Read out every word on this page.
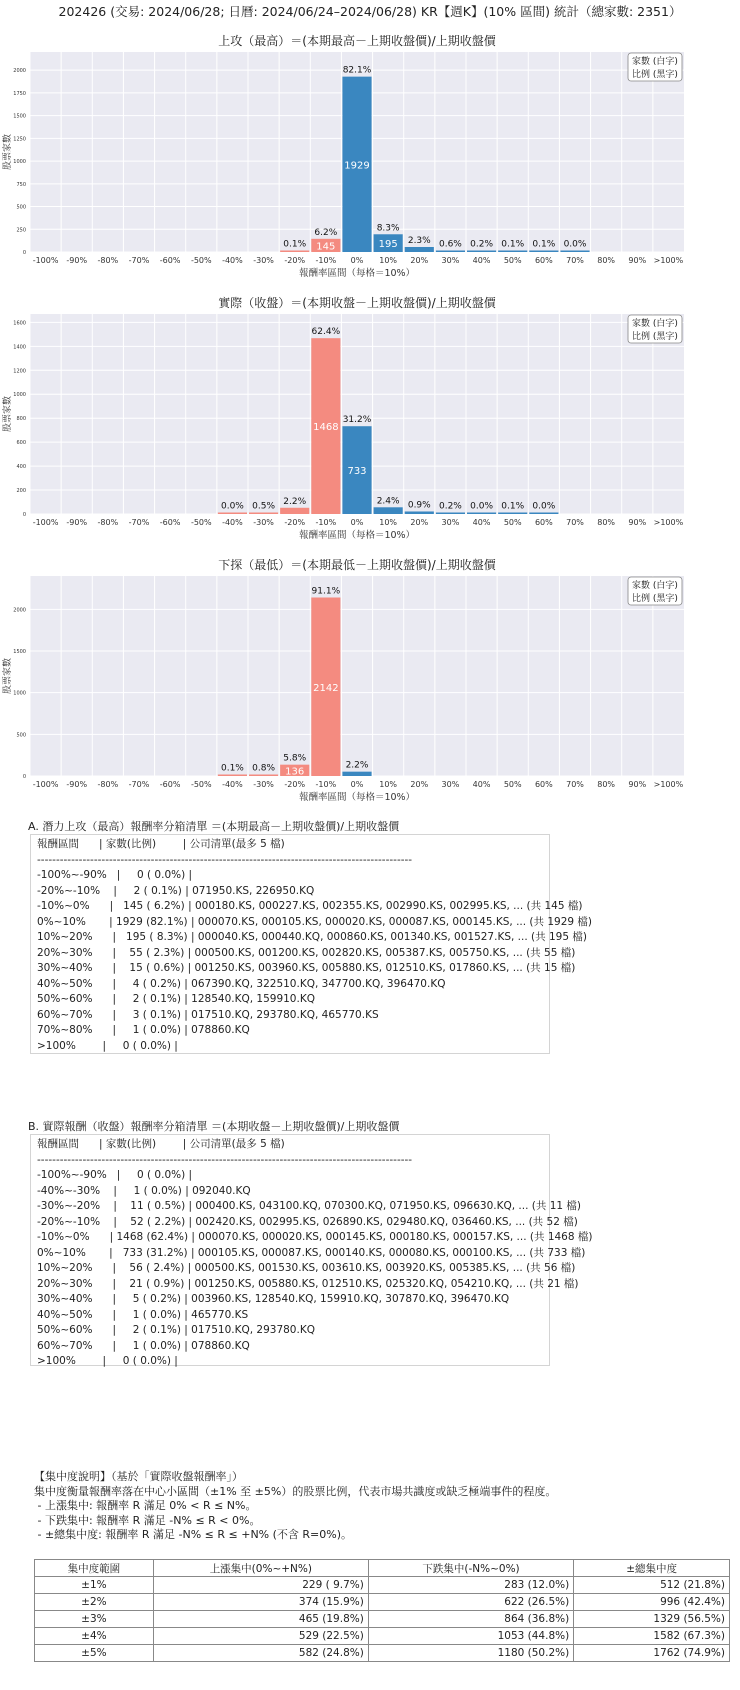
202426 (交易: 2024/06/28; 日曆: 2024/06/24–2024/06/28) KR【週K】(10% 區間) 統計（總家數: 2351）
上攻（最高）＝(本期最高－上期收盤價)/上期收盤價
0
250
500
750
1000
1250
1500
1750
2000
-100% -90% -80% -70% -60% -50% -40% -30% -20% -10% 0% 10% 20% 30% 40% 50% 60% 70% 80% 90% >100%
0.1% 145
6.2%
1929
82.1%
195
8.3%
2.3% 0.6% 0.2% 0.1% 0.1% 0.0%
股票家數
報酬率區間（每格＝10%）
家數 (白字)
比例 (黑字)
實際（收盤）＝(本期收盤－上期收盤價)/上期收盤價
0
200
400
600
800
1000
1200
1400
1600
-100% -90% -80% -70% -60% -50% -40% -30% -20% -10% 0% 10% 20% 30% 40% 50% 60% 70% 80% 90% >100%
0.0% 0.5% 2.2%
1468
62.4%
733
31.2%
2.4% 0.9% 0.2% 0.0% 0.1% 0.0%
股票家數
報酬率區間（每格＝10%）
家數 (白字)
比例 (黑字)
下探（最低）＝(本期最低－上期收盤價)/上期收盤價
0
500
1000
1500
2000
-100% -90% -80% -70% -60% -50% -40% -30% -20% -10% 0% 10% 20% 30% 40% 50% 60% 70% 80% 90% >100%
0.1% 0.8% 136
5.8%
2142
91.1%
2.2%
股票家數
報酬率區間（每格＝10%）
家數 (白字)
比例 (黑字)
A. 潛力上攻（最高）報酬率分箱清單 ＝(本期最高－上期收盤價)/上期收盤價
報酬區間      | 家數(比例)        | 公司清單(最多 5 檔)
---------------------------------------------------------------------------------------------------
-100%~-90%   |     0 ( 0.0%) |
-20%~-10%    |     2 ( 0.1%) | 071950.KS, 226950.KQ
-10%~0%      |   145 ( 6.2%) | 000180.KS, 000227.KS, 002355.KS, 002990.KS, 002995.KS, ... (共 145 檔)
0%~10%       | 1929 (82.1%) | 000070.KS, 000105.KS, 000020.KS, 000087.KS, 000145.KS, ... (共 1929 檔)
10%~20%      |   195 ( 8.3%) | 000040.KS, 000440.KQ, 000860.KS, 001340.KS, 001527.KS, ... (共 195 檔)
20%~30%      |    55 ( 2.3%) | 000500.KS, 001200.KS, 002820.KS, 005387.KS, 005750.KS, ... (共 55 檔)
30%~40%      |    15 ( 0.6%) | 001250.KS, 003960.KS, 005880.KS, 012510.KS, 017860.KS, ... (共 15 檔)
40%~50%      |     4 ( 0.2%) | 067390.KQ, 322510.KQ, 347700.KQ, 396470.KQ
50%~60%      |     2 ( 0.1%) | 128540.KQ, 159910.KQ
60%~70%      |     3 ( 0.1%) | 017510.KQ, 293780.KQ, 465770.KS
70%~80%      |     1 ( 0.0%) | 078860.KQ
>100%        |     0 ( 0.0%) |
B. 實際報酬（收盤）報酬率分箱清單 ＝(本期收盤－上期收盤價)/上期收盤價
報酬區間      | 家數(比例)        | 公司清單(最多 5 檔)
---------------------------------------------------------------------------------------------------
-100%~-90%   |     0 ( 0.0%) |
-40%~-30%    |     1 ( 0.0%) | 092040.KQ
-30%~-20%    |    11 ( 0.5%) | 000400.KS, 043100.KQ, 070300.KQ, 071950.KS, 096630.KQ, ... (共 11 檔)
-20%~-10%    |    52 ( 2.2%) | 002420.KS, 002995.KS, 026890.KS, 029480.KQ, 036460.KS, ... (共 52 檔)
-10%~0%      | 1468 (62.4%) | 000070.KS, 000020.KS, 000145.KS, 000180.KS, 000157.KS, ... (共 1468 檔)
0%~10%       |   733 (31.2%) | 000105.KS, 000087.KS, 000140.KS, 000080.KS, 000100.KS, ... (共 733 檔)
10%~20%      |    56 ( 2.4%) | 000500.KS, 001530.KS, 003610.KS, 003920.KS, 005385.KS, ... (共 56 檔)
20%~30%      |    21 ( 0.9%) | 001250.KS, 005880.KS, 012510.KS, 025320.KQ, 054210.KQ, ... (共 21 檔)
30%~40%      |     5 ( 0.2%) | 003960.KS, 128540.KQ, 159910.KQ, 307870.KQ, 396470.KQ
40%~50%      |     1 ( 0.0%) | 465770.KS
50%~60%      |     2 ( 0.1%) | 017510.KQ, 293780.KQ
60%~70%      |     1 ( 0.0%) | 078860.KQ
>100%        |     0 ( 0.0%) |
【集中度說明】（基於「實際收盤報酬率」）
集中度衡量報酬率落在中心小區間（±1% 至 ±5%）的股票比例，代表市場共識度或缺乏極端事件的程度。
- 上漲集中: 報酬率 R 滿足 0% < R ≤ N%。
- 下跌集中: 報酬率 R 滿足 -N% ≤ R < 0%。
- ±總集中度: 報酬率 R 滿足 -N% ≤ R ≤ +N% (不含 R=0%)。
集中度範圍	上漲集中(0%~+N%)	下跌集中(-N%~0%)	±總集中度
±1%	229 ( 9.7%)	283 (12.0%)	512 (21.8%)
±2%	374 (15.9%)	622 (26.5%)	996 (42.4%)
±3%	465 (19.8%)	864 (36.8%)	1329 (56.5%)
±4%	529 (22.5%)	1053 (44.8%)	1582 (67.3%)
±5%	582 (24.8%)	1180 (50.2%)	1762 (74.9%)
